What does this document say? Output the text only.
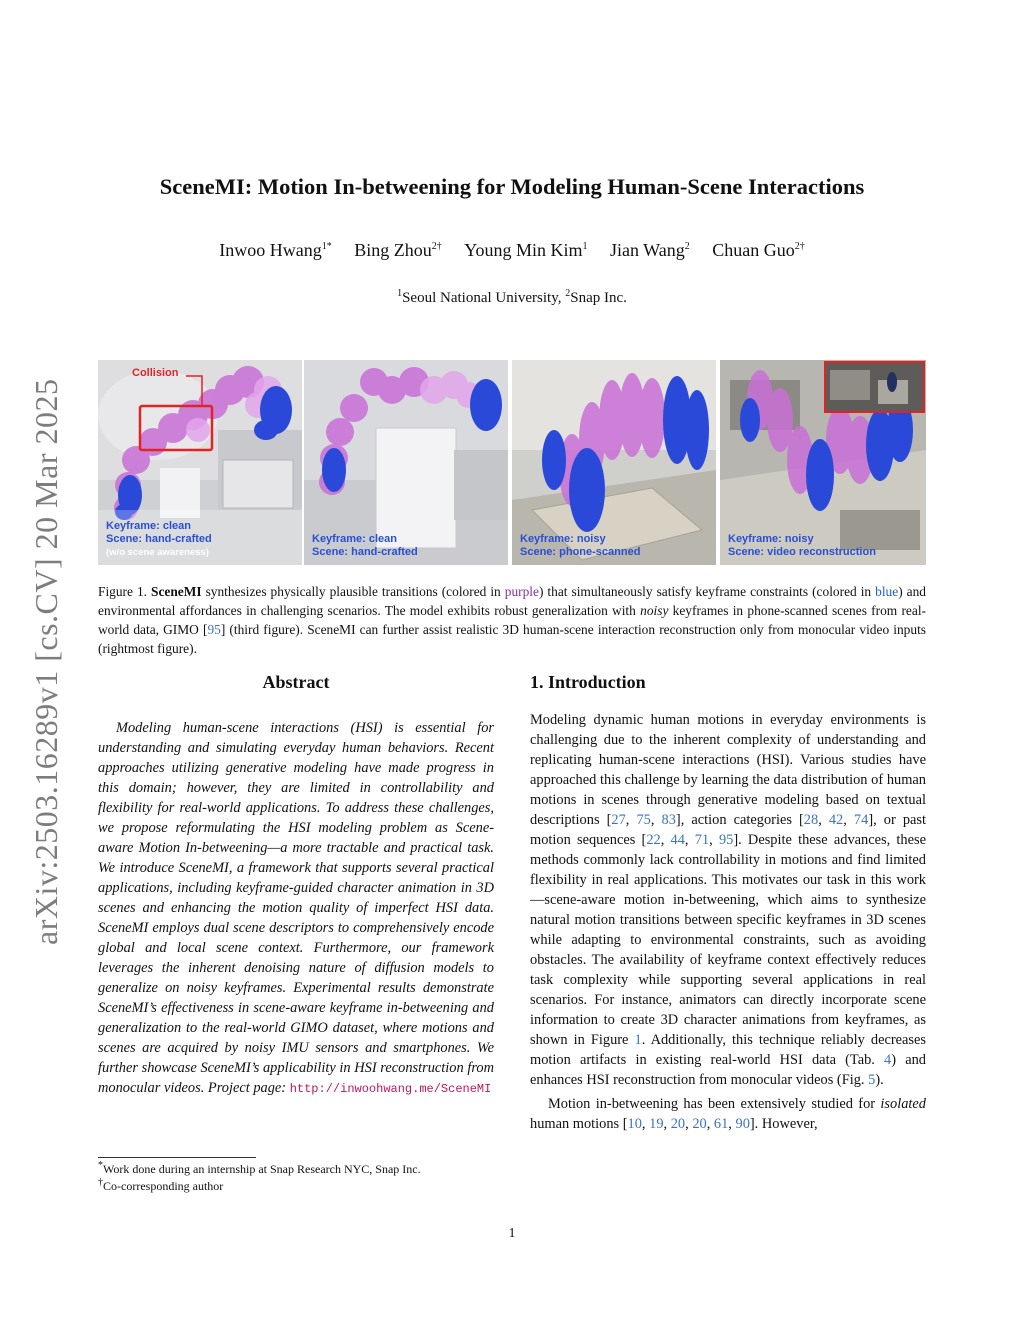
arXiv:2503.16289v1 [cs.CV] 20 Mar 2025
SceneMI: Motion In-betweening for Modeling Human-Scene Interactions
Inwoo Hwang$^{1*}$ Bing Zhou$^{2\dagger}$ Young Min Kim$^1$ Jian Wang$^2$ Chuan Guo$^{2\dagger}$
$^1$Seoul National University, $^2$Snap Inc.
Keyframe: clean
Scene: hand-crafted
(w/o scene awareness)
Collision
Keyframe: clean
Scene: hand-crafted
Keyframe: noisy
Scene: phone-scanned
Keyframe: noisy
Scene: video reconstruction
Figure 1. SceneMI synthesizes physically plausible transitions (colored in purple) that simultaneously satisfy keyframe constraints (colored in blue) and environmental affordances in challenging scenarios. The model exhibits robust generalization with noisy keyframes in phone-scanned scenes from real-world data, GIMO [95] (third figure). SceneMI can further assist realistic 3D human-scene interaction reconstruction only from monocular video inputs (rightmost figure).
Abstract
Modeling human-scene interactions (HSI) is essential for understanding and simulating everyday human behaviors. Recent approaches utilizing generative modeling have made progress in this domain; however, they are limited in controllability and flexibility for real-world applications. To address these challenges, we propose reformulating the HSI modeling problem as Scene-aware Motion In-betweening—a more tractable and practical task. We introduce SceneMI, a framework that supports several practical applications, including keyframe-guided character animation in 3D scenes and enhancing the motion quality of imperfect HSI data. SceneMI employs dual scene descriptors to comprehensively encode global and local scene context. Furthermore, our framework leverages the inherent denoising nature of diffusion models to generalize on noisy keyframes. Experimental results demonstrate SceneMI’s effectiveness in scene-aware keyframe in-betweening and generalization to the real-world GIMO dataset, where motions and scenes are acquired by noisy IMU sensors and smartphones. We further showcase SceneMI’s applicability in HSI reconstruction from monocular videos. Project page: http://inwoohwang.me/SceneMI
*Work done during an internship at Snap Research NYC, Snap Inc.
†Co-corresponding author
1. Introduction

Modeling dynamic human motions in everyday environments is challenging due to the inherent complexity of understanding and replicating human-scene interactions (HSI). Various studies have approached this challenge by learning the data distribution of human motions in scenes through generative modeling based on textual descriptions [27, 75, 83], action categories [28, 42, 74], or past motion sequences [22, 44, 71, 95]. Despite these advances, these methods commonly lack controllability in motions and find limited flexibility in real applications. This motivates our task in this work—scene-aware motion in-betweening, which aims to synthesize natural motion transitions between specific keyframes in 3D scenes while adapting to environmental constraints, such as avoiding obstacles. The availability of keyframe context effectively reduces task complexity while supporting several applications in real scenarios. For instance, animators can directly incorporate scene information to create 3D character animations from keyframes, as shown in Figure 1. Additionally, this technique reliably decreases motion artifacts in existing real-world HSI data (Tab. 4) and enhances HSI reconstruction from monocular videos (Fig. 5).

Motion in-betweening has been extensively studied for isolated human motions [10, 19, 20, 20, 61, 90]. However,

1
